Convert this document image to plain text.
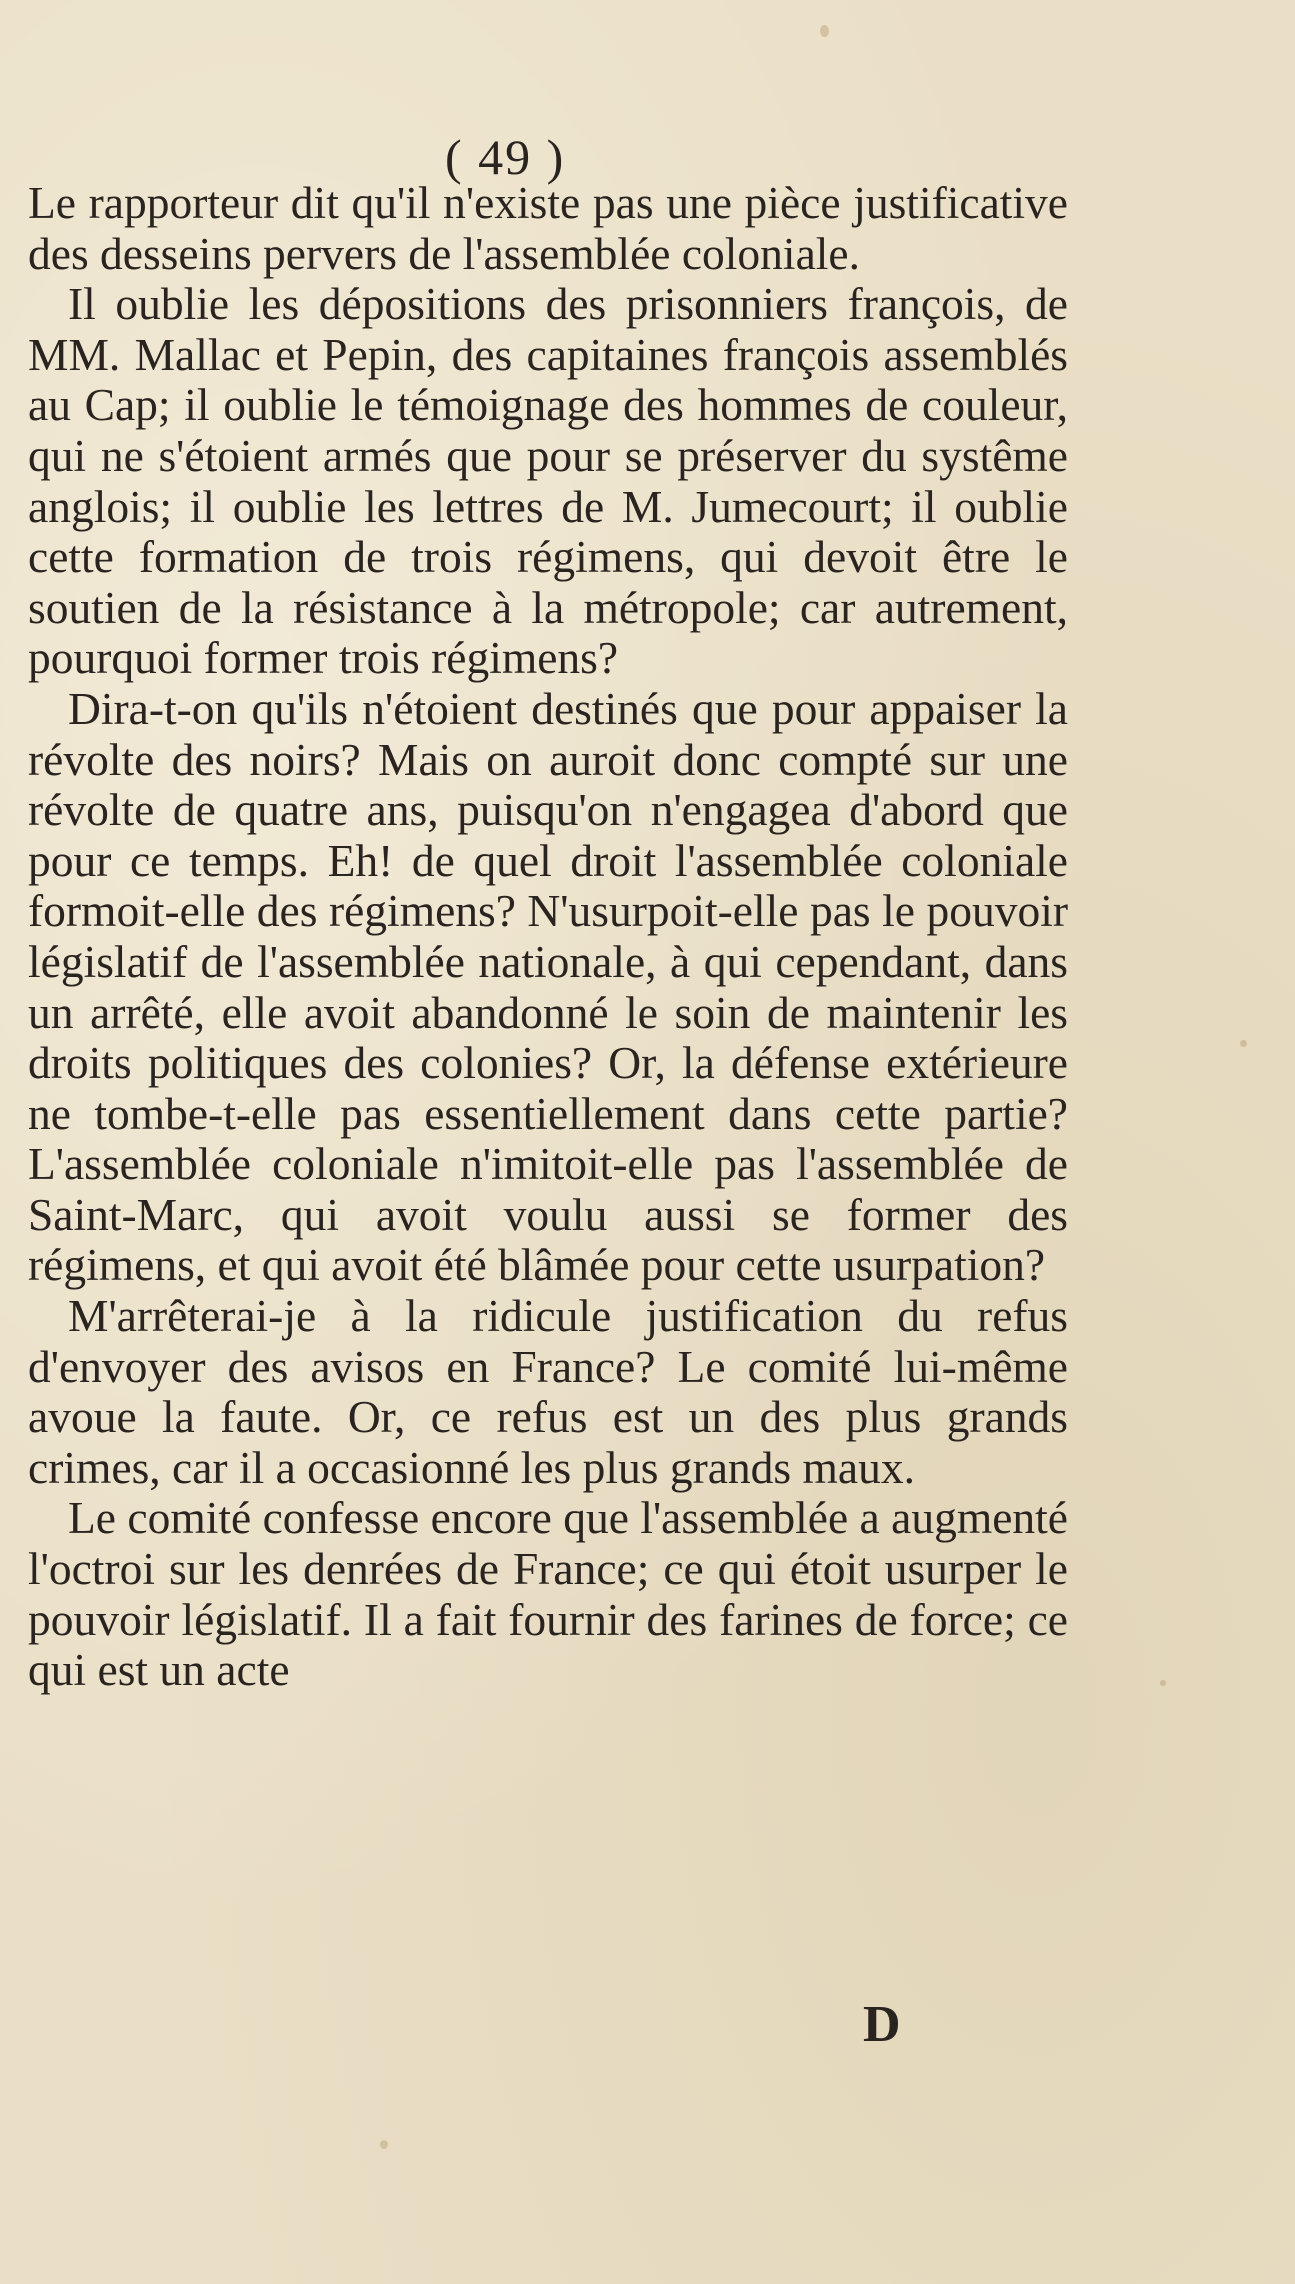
( 49 )

Le rapporteur dit qu'il n'existe pas une pièce justificative des desseins pervers de l'assemblée coloniale.

Il oublie les dépositions des prisonniers françois, de MM. Mallac et Pepin, des capitaines françois assemblés au Cap; il oublie le témoignage des hommes de couleur, qui ne s'étoient armés que pour se préserver du systême anglois; il oublie les lettres de M. Jumecourt; il oublie cette formation de trois régimens, qui devoit être le soutien de la résistance à la métropole; car autrement, pourquoi former trois régimens?

Dira-t-on qu'ils n'étoient destinés que pour appaiser la révolte des noirs? Mais on auroit donc compté sur une révolte de quatre ans, puisqu'on n'engagea d'abord que pour ce temps. Eh! de quel droit l'assemblée coloniale formoit-elle des régimens? N'usurpoit-elle pas le pouvoir législatif de l'assemblée nationale, à qui cependant, dans un arrêté, elle avoit abandonné le soin de maintenir les droits politiques des colonies? Or, la défense extérieure ne tombe-t-elle pas essentiellement dans cette partie? L'assemblée coloniale n'imitoit-elle pas l'assemblée de Saint-Marc, qui avoit voulu aussi se former des régimens, et qui avoit été blâmée pour cette usurpation?

M'arrêterai-je à la ridicule justification du refus d'envoyer des avisos en France? Le comité lui-même avoue la faute. Or, ce refus est un des plus grands crimes, car il a occasionné les plus grands maux.

Le comité confesse encore que l'assemblée a augmenté l'octroi sur les denrées de France; ce qui étoit usurper le pouvoir législatif. Il a fait fournir des farines de force; ce qui est un acte

D
